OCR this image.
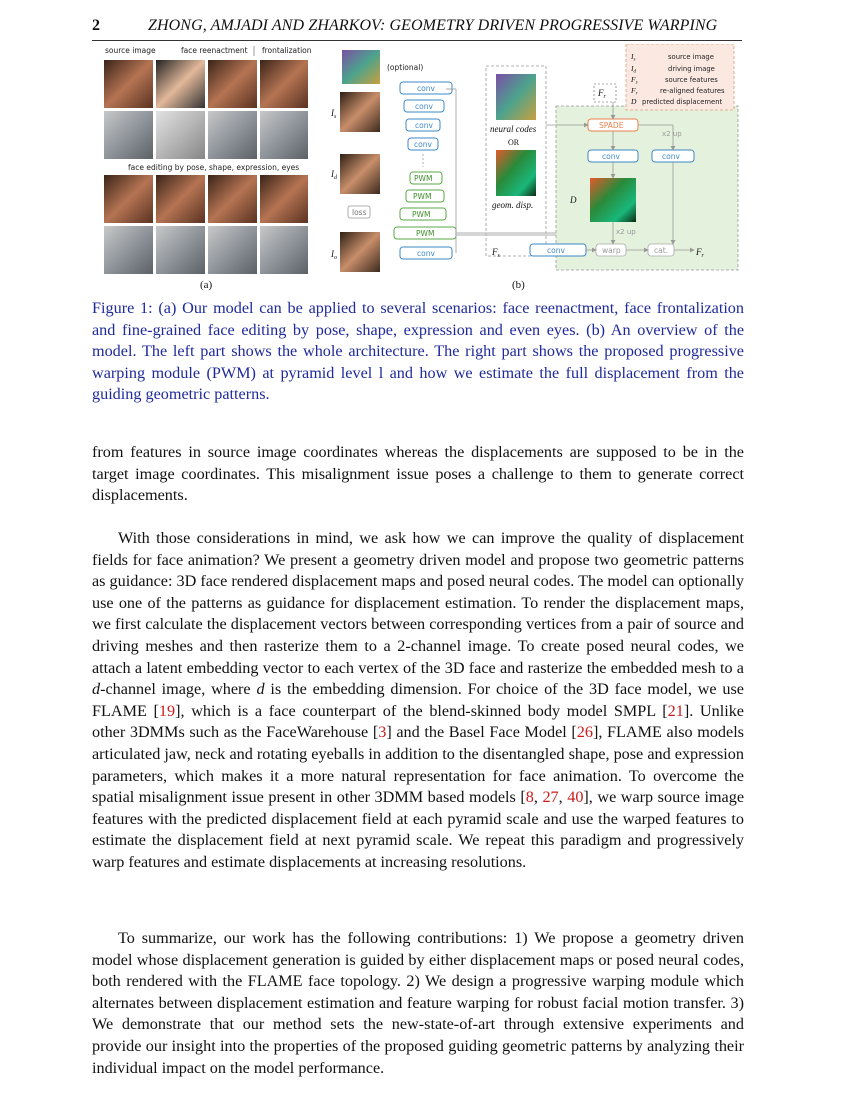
2	ZHONG, AMJADI AND ZHARKOV: GEOMETRY DRIVEN PROGRESSIVE WARPING
source image	face reenactment frontalization
face editing by pose, shape, expression, eyes
(a)
(optional)
$I_s$
$I_d$
$I_o$
conv
conv
conv
conv
PWM
PWM
PWM
PWM
conv
loss
neural codes
OR
geom. disp.
$F_r$
SPADE
x2 up
conv	conv
D
x2 up
conv	warp	cat.
$F_s$	$F_r$
$I_s$	source image
$I_d$	driving image
$F_s$	source features
$F_r$	re-aligned features
D predicted displacement
(b)
Figure 1: (a) Our model can be applied to several scenarios: face reenactment, face frontalization and fine-grained face editing by pose, shape, expression and even eyes. (b) An overview of the model. The left part shows the whole architecture. The right part shows the proposed progressive warping module (PWM) at pyramid level l and how we estimate the full displacement from the guiding geometric patterns.

from features in source image coordinates whereas the displacements are supposed to be in the target image coordinates. This misalignment issue poses a challenge to them to generate correct displacements.

With those considerations in mind, we ask how we can improve the quality of displacement fields for face animation? We present a geometry driven model and propose two geometric patterns as guidance: 3D face rendered displacement maps and posed neural codes. The model can optionally use one of the patterns as guidance for displacement estimation. To render the displacement maps, we first calculate the displacement vectors between corresponding vertices from a pair of source and driving meshes and then rasterize them to a 2-channel image. To create posed neural codes, we attach a latent embedding vector to each vertex of the 3D face and rasterize the embedded mesh to a d-channel image, where d is the embedding dimension. For choice of the 3D face model, we use FLAME [19], which is a face counterpart of the blend-skinned body model SMPL [21]. Unlike other 3DMMs such as the FaceWarehouse [3] and the Basel Face Model [26], FLAME also models articulated jaw, neck and rotating eyeballs in addition to the disentangled shape, pose and expression parameters, which makes it a more natural representation for face animation. To overcome the spatial misalignment issue present in other 3DMM based models [8, 27, 40], we warp source image features with the predicted displacement field at each pyramid scale and use the warped features to estimate the displacement field at next pyramid scale. We repeat this paradigm and progressively warp features and estimate displacements at increasing resolutions.

To summarize, our work has the following contributions: 1) We propose a geometry driven model whose displacement generation is guided by either displacement maps or posed neural codes, both rendered with the FLAME face topology. 2) We design a progressive warping module which alternates between displacement estimation and feature warping for robust facial motion transfer. 3) We demonstrate that our method sets the new-state-of-art through extensive experiments and provide our insight into the properties of the proposed guiding geometric patterns by analyzing their individual impact on the model performance.
